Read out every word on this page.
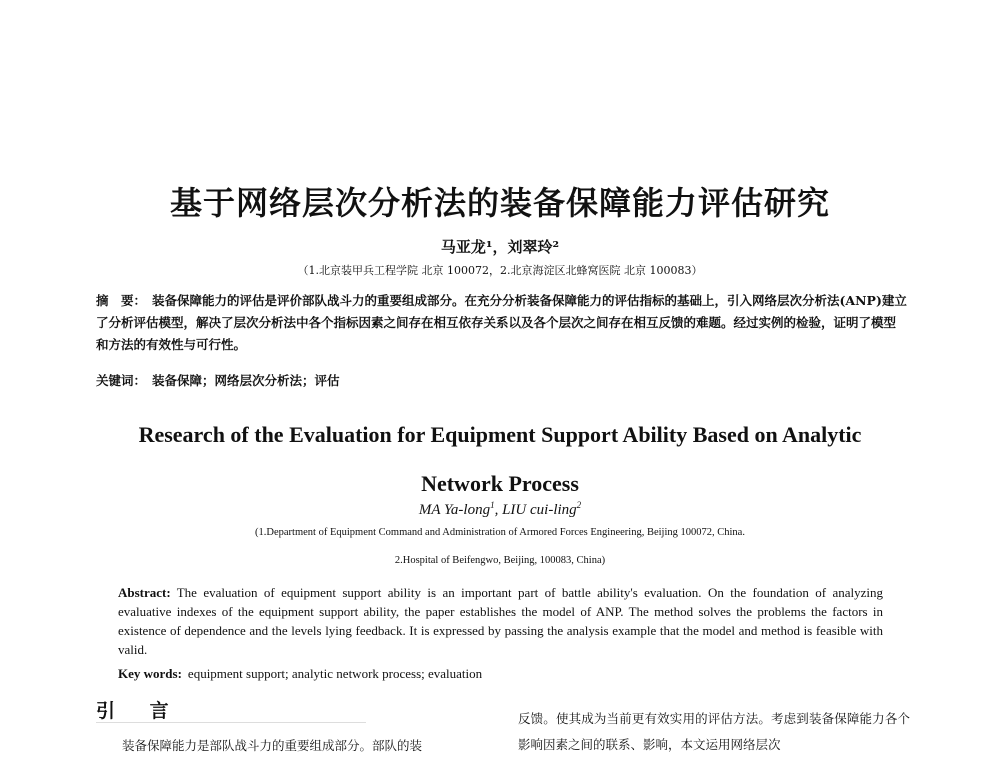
基于网络层次分析法的装备保障能力评估研究
马亚龙¹，刘翠玲²
（1.北京装甲兵工程学院 北京 100072，2.北京海淀区北蜂窝医院 北京 100083）
摘　要： 装备保障能力的评估是评价部队战斗力的重要组成部分。在充分分析装备保障能力的评估指标的基础上，引入网络层次分析法(ANP)建立了分析评估模型，解决了层次分析法中各个指标因素之间存在相互依存关系以及各个层次之间存在相互反馈的难题。经过实例的检验，证明了模型和方法的有效性与可行性。
关键词： 装备保障；网络层次分析法；评估
Research of the Evaluation for Equipment Support Ability Based on Analytic Network Process
MA Ya-long$^1$, LIU cui-ling$^2$
(1.Department of Equipment Command and Administration of Armored Forces Engineering, Beijing 100072, China.
2.Hospital of Beifengwo, Beijing, 100083, China)
Abstract: The evaluation of equipment support ability is an important part of battle ability's evaluation. On the foundation of analyzing evaluative indexes of the equipment support ability, the paper establishes the model of ANP. The method solves the problems the factors in existence of dependence and the levels lying feedback. It is expressed by passing the analysis example that the model and method is feasible with valid.
Key words: equipment support; analytic network process; evaluation
引 言
装备保障能力是部队战斗力的重要组成部分。部队的装
反馈。使其成为当前更有效实用的评估方法。考虑到装备保障能力各个影响因素之间的联系、影响，本文运用网络层次
